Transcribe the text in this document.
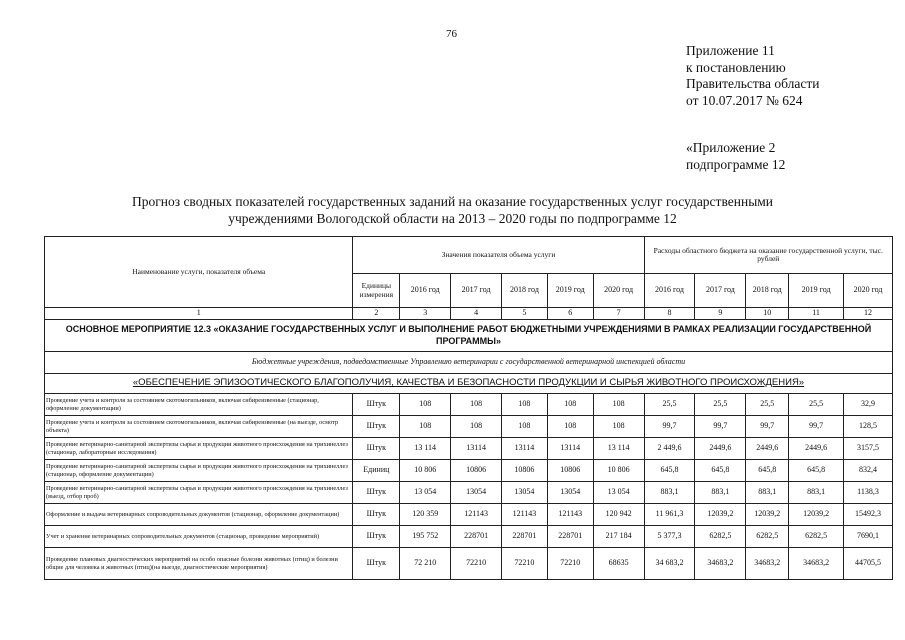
76
Приложение 11
к постановлению
Правительства области
от 10.07.2017 № 624
«Приложение 2
подпрограмме 12
Прогноз сводных показателей государственных заданий на оказание государственных услуг государственными
учреждениями Вологодской области на 2013 – 2020 годы по подпрограмме 12
Наименование услуги, показателя объема	Значения показателя объема услуги						Расходы областного бюджета на оказание государственной услуги, тыс. рублей				
	Единицы измерения	2016 год	2017 год	2018 год	2019 год	2020 год	2016 год	2017 год	2018 год	2019 год	2020 год
1	2	3	4	5	6	7	8	9	10	11	12
ОСНОВНОЕ МЕРОПРИЯТИЕ 12.3 «ОКАЗАНИЕ ГОСУДАРСТВЕННЫХ УСЛУГ И ВЫПОЛНЕНИЕ РАБОТ БЮДЖЕТНЫМИ УЧРЕЖДЕНИЯМИ В РАМКАХ РЕАЛИЗАЦИИ ГОСУДАРСТВЕННОЙ ПРОГРАММЫ»											
Бюджетные учреждения, подведомственные Управлению ветеринарии с государственной ветеринарной инспекцией области											
«ОБЕСПЕЧЕНИЕ ЭПИЗООТИЧЕСКОГО БЛАГОПОЛУЧИЯ, КАЧЕСТВА И БЕЗОПАСНОСТИ ПРОДУКЦИИ И СЫРЬЯ ЖИВОТНОГО ПРОИСХОЖДЕНИЯ»											
Проведение учета и контроля за состоянием скотомогильников, включая сибиреязвенные (стационар, оформление документации)	Штук	108	108	108	108	108	25,5	25,5	25,5	25,5	32,9
Проведение учета и контроля за состоянием скотомогильников, включая сибиреязвенные (на выезде, осмотр объекта)	Штук	108	108	108	108	108	99,7	99,7	99,7	99,7	128,5
Проведение ветеринарно-санитарной экспертизы сырья и продукции животного происхождения на трихинеллез (стационар, лабораторные исследования)	Штук	13 114	13114	13114	13114	13 114	2 449,6	2449,6	2449,6	2449,6	3157,5
Проведение ветеринарно-санитарной экспертизы сырья и продукции животного происхождения на трихинеллез (стационар, оформление документации)	Единиц	10 806	10806	10806	10806	10 806	645,8	645,8	645,8	645,8	832,4
Проведение ветеринарно-санитарной экспертизы сырья и продукции животного происхождения на трихинеллез (выезд, отбор проб)	Штук	13 054	13054	13054	13054	13 054	883,1	883,1	883,1	883,1	1138,3
Оформление и выдача ветеринарных сопроводительных документов (стационар, оформление документации)	Штук	120 359	121143	121143	121143	120 942	11 961,3	12039,2	12039,2	12039,2	15492,3
Учет и хранение ветеринарных сопроводительных документов (стационар, проведение мероприятий)	Штук	195 752	228701	228701	228701	217 184	5 377,3	6282,5	6282,5	6282,5	7690,1
Проведение плановых диагностических мероприятий на особо опасные болезни животных (птиц) и болезни общие для человека и животных (птиц)(на выезде, диагностические мероприятия)	Штук	72 210	72210	72210	72210	68635	34 683,2	34683,2	34683,2	34683,2	44705,5
